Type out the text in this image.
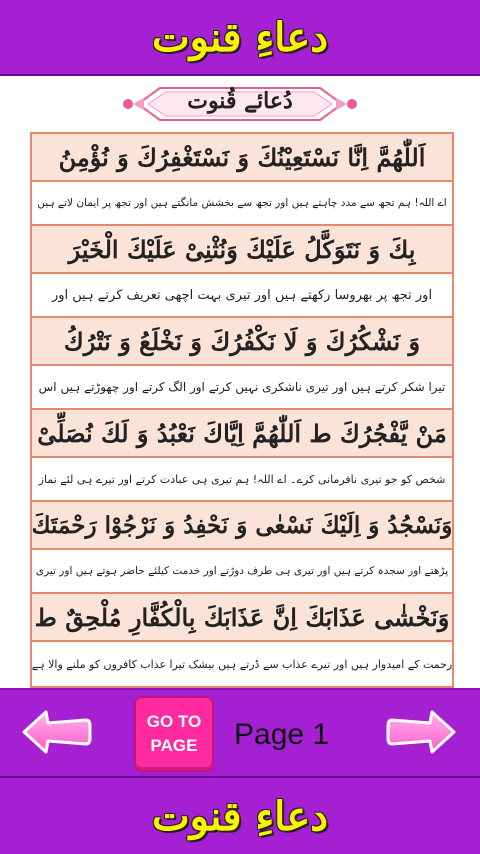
دعاءِ قنوت
دُعائے قُنوت
اَللّٰھُمَّ اِنَّا نَسْتَعِیْنُكَ وَ نَسْتَغْفِرُكَ وَ نُؤْمِنُ
اے اللہ! ہم تجھ سے مدد چاہتے ہیں اور تجھ سے بخشش مانگتے ہیں اور تجھ پر ایمان لاتے ہیں
بِكَ وَ نَتَوَكَّلُ عَلَیْكَ وَنُثْنِیْ عَلَیْكَ الْخَیْرَ
اور تجھ پر بھروسا رکھتے ہیں اور تیری بہت اچھی تعریف کرتے ہیں اور
وَ نَشْكُرُكَ وَ لَا نَكْفُرُكَ وَ نَخْلَعُ وَ نَتْرُكُ
تیرا شکر کرتے ہیں اور تیری ناشکری نہیں کرتے اور الگ کرتے اور چھوڑتے ہیں اس
مَنْ یَّفْجُرُكَ ط اَللّٰھُمَّ اِیَّاكَ نَعْبُدُ وَ لَكَ نُصَلِّیْ
شخص کو جو تیری نافرمانی کرے۔ اے اللہ! ہم تیری ہی عبادت کرتے اور تیرے ہی لئے نماز
وَنَسْجُدُ وَ اِلَیْكَ نَسْعٰی وَ نَحْفِدُ وَ نَرْجُوْا رَحْمَتَكَ
پڑھتے اور سجدہ کرتے ہیں اور تیری ہی طرف دوڑتے اور خدمت کیلئے حاضر ہوتے ہیں اور تیری
وَنَخْشٰی عَذَابَكَ اِنَّ عَذَابَكَ بِالْكُفَّارِ مُلْحِقٌ ط
رحمت کے امیدوار ہیں اور تیرے عذاب سے ڈرتے ہیں بیشک تیرا عذاب کافروں کو ملنے والا ہے
GO TO
PAGE Page 1
دعاءِ قنوت
